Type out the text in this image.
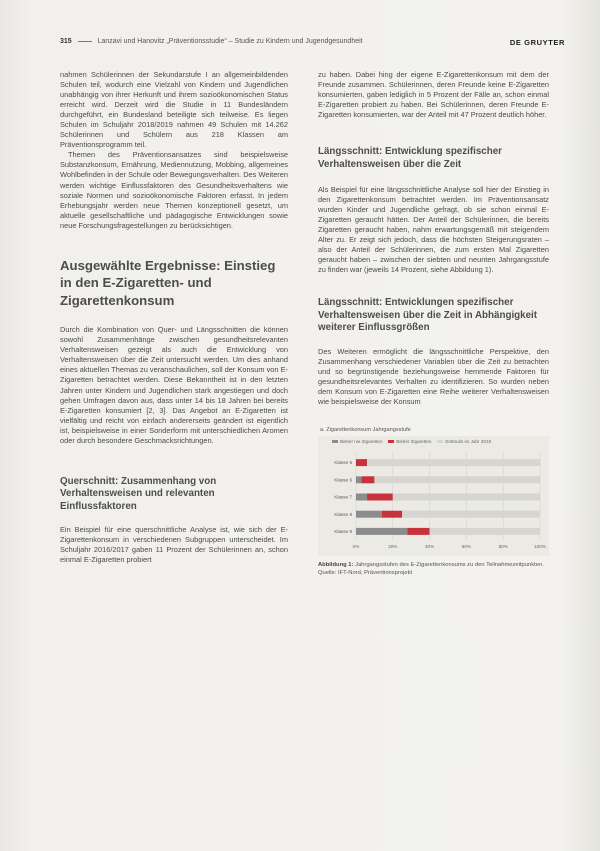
315	Lanzavi und Hanovitz „Präventionsstudie“ – Studie zu Kindern und Jugendgesundheit	DE GRUYTER

nahmen Schülerinnen der Sekundarstufe I an allgemeinbildenden Schulen teil, wodurch eine Vielzahl von Kindern und Jugendlichen unabhängig von ihrer Herkunft und ihrem sozioökonomischen Status erreicht wird. Derzeit wird die Studie in 11 Bundesländern durchgeführt, ein Bundesland beteiligte sich teilweise. Es liegen Schulen im Schuljahr 2018/2019 nahmen 49 Schulen mit 14.262 Schülerinnen und Schülern aus 218 Klassen am Präventionsprogramm teil.

Themen des Präventionsansatzes sind beispielsweise Substanzkonsum, Ernährung, Mediennutzung, Mobbing, allgemeines Wohlbefinden in der Schule oder Bewegungsverhalten. Des Weiteren werden wichtige Einflussfaktoren des Gesundheitsverhaltens wie soziale Normen und sozioökonomische Faktoren erfasst. In jedem Erhebungsjahr werden neue Themen konzeptionell gesetzt, um aktuelle gesellschaftliche und pädagogische Entwicklungen sowie neue Forschungsfragestellungen zu berücksichtigen.

Ausgewählte Ergebnisse: Einstieg in den E-Zigaretten- und Zigarettenkonsum

Durch die Kombination von Quer- und Längsschnitten die können sowohl Zusammenhänge zwischen gesundheitsrelevanten Verhaltensweisen gezeigt als auch die Entwicklung von Verhaltensweisen über die Zeit untersucht werden. Um dies anhand eines aktuellen Themas zu veranschaulichen, soll der Konsum von E-Zigaretten betrachtet werden. Diese Bekanntheit ist in den letzten Jahren unter Kindern und Jugendlichen stark angestiegen und doch gehen Umfragen davon aus, dass unter 14 bis 18 Jahren bei bereits E-Zigaretten konsumiert [2, 3]. Das Angebot an E-Zigaretten ist vielfältig und reicht von einfach andererseits geändert ist eigentlich ist, beispielsweise in einer Sonderform mit unterschiedlichen Aromen oder durch besondere Geschmacksrichtungen.

Querschnitt: Zusammenhang von Verhaltensweisen und relevanten Einflussfaktoren

Ein Beispiel für eine querschnittliche Analyse ist, wie sich der E-Zigarettenkonsum in verschiedenen Subgruppen unterscheidet. Im Schuljahr 2016/2017 gaben 11 Prozent der Schülerinnen an, schon einmal E-Zigaretten probiert

zu haben. Dabei hing der eigene E-Zigarettenkonsum mit dem der Freunde zusammen. Schülerinnen, deren Freunde keine E-Zigaretten konsumierten, gaben lediglich in 5 Prozent der Fälle an, schon einmal E-Zigaretten probiert zu haben. Bei Schülerinnen, deren Freunde E-Zigaretten konsumierten, war der Anteil mit 47 Prozent deutlich höher.

Längsschnitt: Entwicklung spezifischer Verhaltensweisen über die Zeit

Als Beispiel für eine längsschnittliche Analyse soll hier der Einstieg in den Zigarettenkonsum betrachtet werden. Im Präventionsansatz wurden Kinder und Jugendliche gefragt, ob sie schon einmal E-Zigaretten geraucht hätten. Der Anteil der Schülerinnen, die bereits Zigaretten geraucht haben, nahm erwartungsgemäß mit steigendem Alter zu. Er zeigt sich jedoch, dass die höchsten Steigerungsraten – also der Anteil der Schülerinnen, die zum ersten Mal Zigaretten geraucht haben – zwischen der siebten und neunten Jahrgangsstufe zu finden war (jeweils 14 Prozent, siehe Abbildung 1).

Längsschnitt: Entwicklungen spezifischer Verhaltensweisen über die Zeit in Abhängigkeit weiterer Einflussgrößen

Des Weiteren ermöglicht die längsschnittliche Perspektive, den Zusammenhang verschiedener Variablen über die Zeit zu betrachten und so begrünstigende beziehungsweise hemmende Faktoren für gesundheitsrelevantes Verhalten zu identifizieren. So wurden neben dem Konsum von E-Zigaretten eine Reihe weiterer Verhaltensweisen wie beispielsweise der Konsum

a. Zigarettenkonsum Jahrgangsstufe
Bisher nie Zigaretten	Bisher Zigaretten	Erstmals im Jahr 2019
0%	20%	40%	60%	80%	100%
Klasse 5
Klasse 6
Klasse 7
Klasse 8
Klasse 9
Abbildung 1: Jahrgangsstufen des E-Zigarettenkonsums zu den Teilnahmezeitpunkten.
Quelle: IFT-Nord, Präventionsprojekt
